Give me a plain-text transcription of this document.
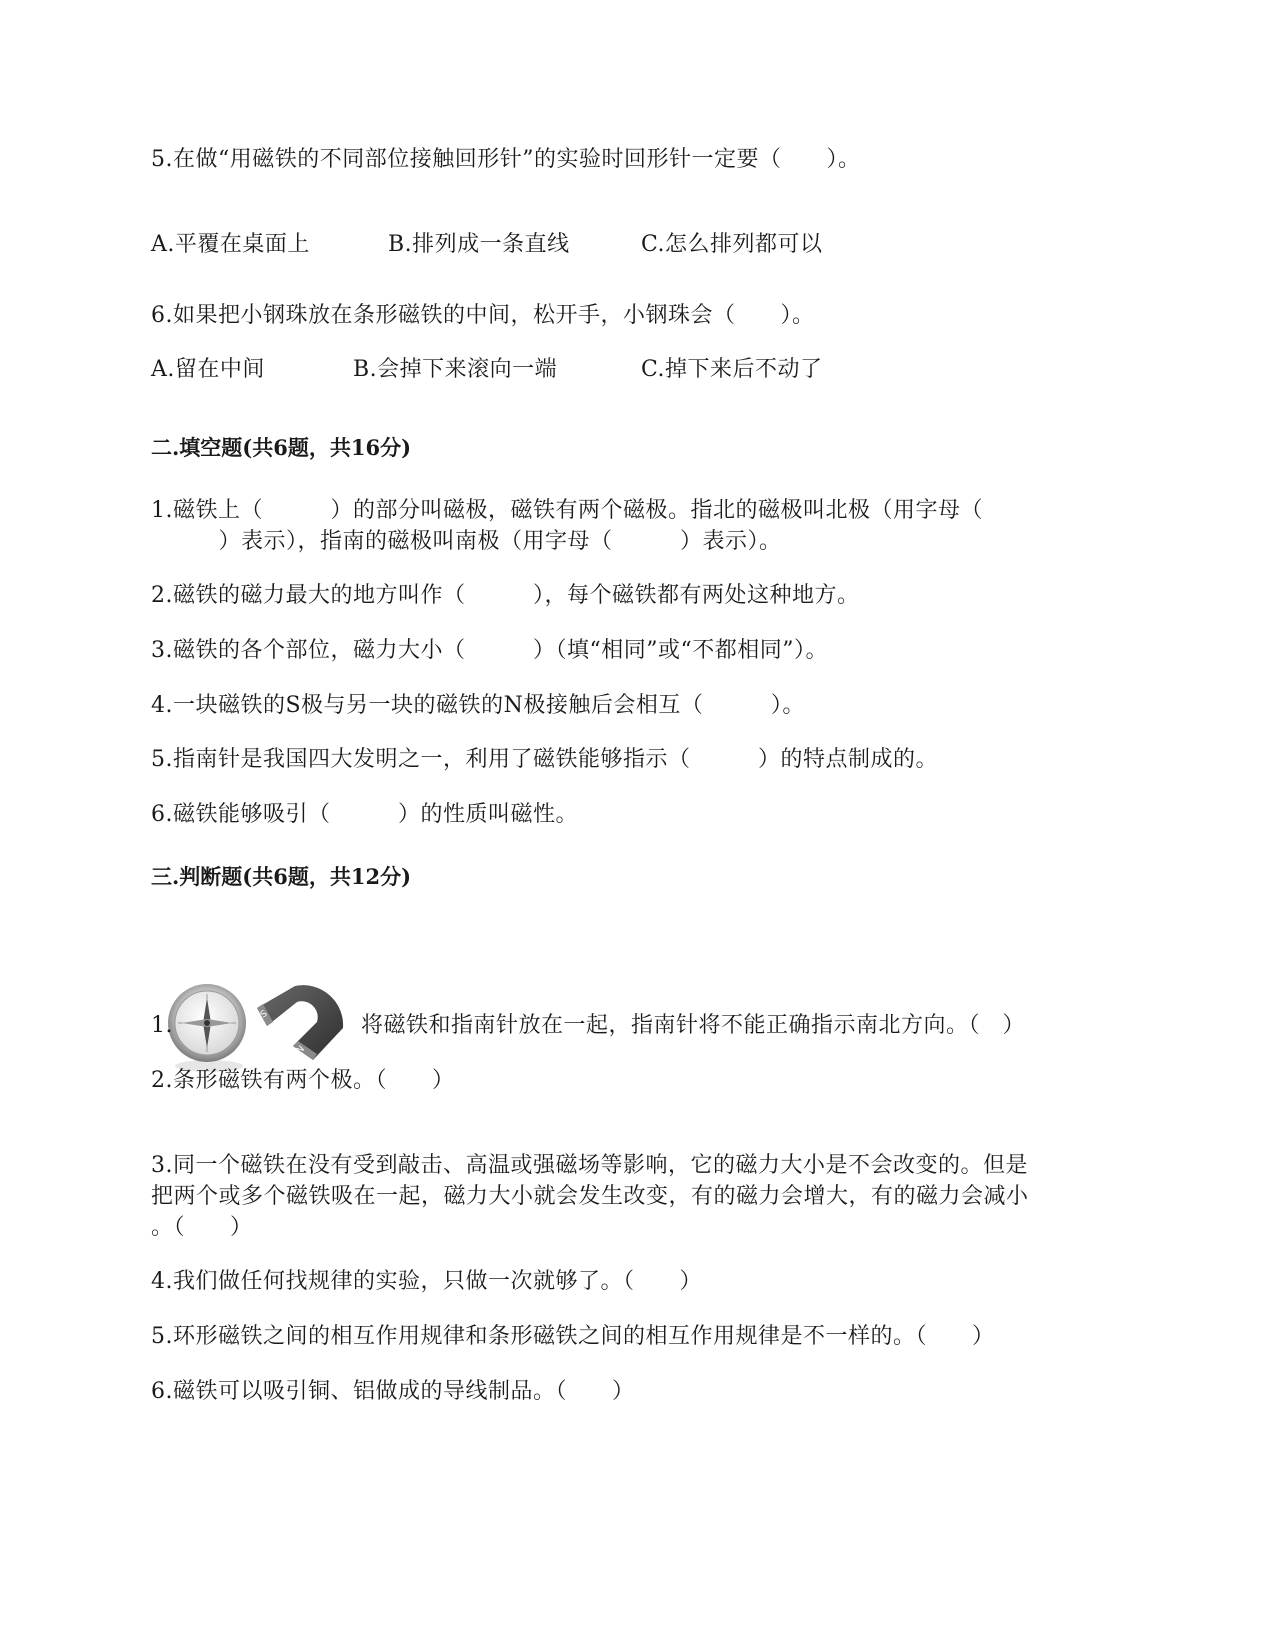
5.在做“用磁铁的不同部位接触回形针”的实验时回形针一定要（　　）。
A.平覆在桌面上	B.排列成一条直线	C.怎么排列都可以
6.如果把小钢珠放在条形磁铁的中间，松开手，小钢珠会（　　）。
A.留在中间	B.会掉下来滚向一端	C.掉下来后不动了
二.填空题(共6题，共16分)
1.磁铁上（　　　）的部分叫磁极，磁铁有两个磁极。指北的磁极叫北极（用字母（
　　　）表示），指南的磁极叫南极（用字母（　　　）表示）。
2.磁铁的磁力最大的地方叫作（　　　），每个磁铁都有两处这种地方。
3.磁铁的各个部位，磁力大小（　　　）（填“相同”或“不都相同”）。
4.一块磁铁的S极与另一块的磁铁的N极接触后会相互（　　　）。
5.指南针是我国四大发明之一，利用了磁铁能够指示（　　　）的特点制成的。
6.磁铁能够吸引（　　　）的性质叫磁性。
三.判断题(共6题，共12分)
S
N
1.	将磁铁和指南针放在一起，指南针将不能正确指示南北方向。（　）
2.条形磁铁有两个极。（　　）
3.同一个磁铁在没有受到敲击、高温或强磁场等影响，它的磁力大小是不会改变的。但是
把两个或多个磁铁吸在一起，磁力大小就会发生改变，有的磁力会增大，有的磁力会减小
。（　　）
4.我们做任何找规律的实验，只做一次就够了。（　　）
5.环形磁铁之间的相互作用规律和条形磁铁之间的相互作用规律是不一样的。（　　）
6.磁铁可以吸引铜、铝做成的导线制品。（　　）
